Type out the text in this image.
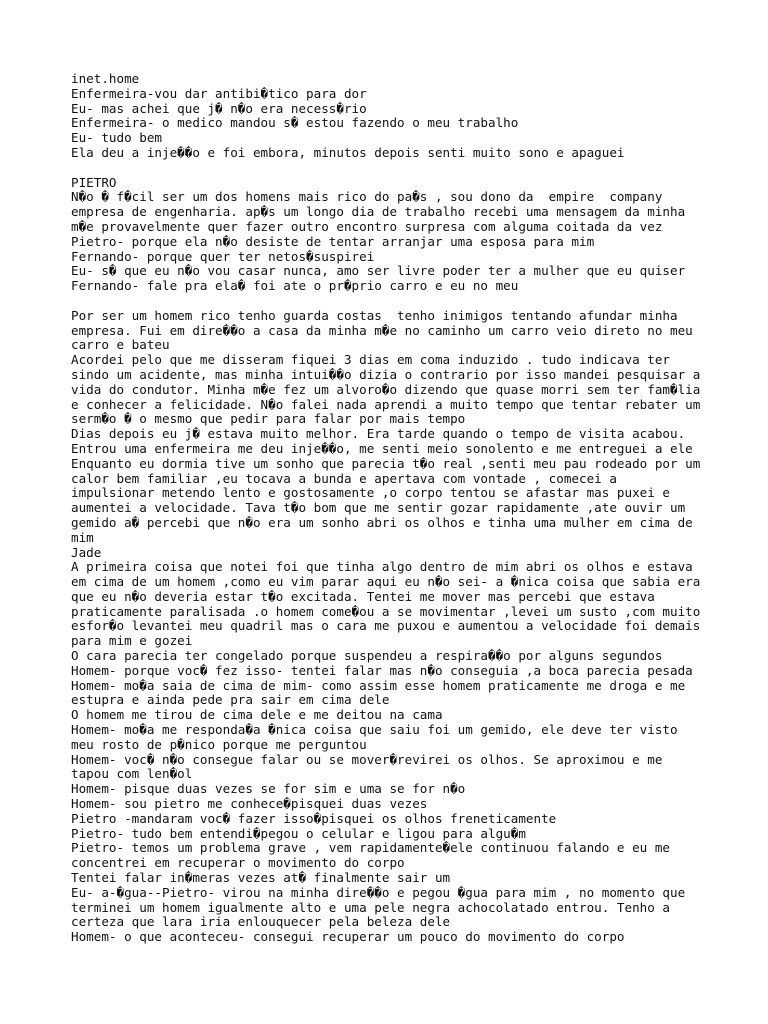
inet.home
Enfermeira-vou dar antibi�tico para dor
Eu- mas achei que j� n�o era necess�rio
Enfermeira- o medico mandou s� estou fazendo o meu trabalho
Eu- tudo bem
Ela deu a inje��o e foi embora, minutos depois senti muito sono e apaguei
PIETRO
N�o � f�cil ser um dos homens mais rico do pa�s , sou dono da  empire  company
empresa de engenharia. ap�s um longo dia de trabalho recebi uma mensagem da minha
m�e provavelmente quer fazer outro encontro surpresa com alguma coitada da vez
Pietro- porque ela n�o desiste de tentar arranjar uma esposa para mim
Fernando- porque quer ter netos�suspirei
Eu- s� que eu n�o vou casar nunca, amo ser livre poder ter a mulher que eu quiser
Fernando- fale pra ela� foi ate o pr�prio carro e eu no meu
Por ser um homem rico tenho guarda costas  tenho inimigos tentando afundar minha
empresa. Fui em dire��o a casa da minha m�e no caminho um carro veio direto no meu
carro e bateu
Acordei pelo que me disseram fiquei 3 dias em coma induzido . tudo indicava ter
sindo um acidente, mas minha intui��o dizia o contrario por isso mandei pesquisar a
vida do condutor. Minha m�e fez um alvoro�o dizendo que quase morri sem ter fam�lia
e conhecer a felicidade. N�o falei nada aprendi a muito tempo que tentar rebater um
serm�o � o mesmo que pedir para falar por mais tempo
Dias depois eu j� estava muito melhor. Era tarde quando o tempo de visita acabou.
Entrou uma enfermeira me deu inje��o, me senti meio sonolento e me entreguei a ele
Enquanto eu dormia tive um sonho que parecia t�o real ,senti meu pau rodeado por um
calor bem familiar ,eu tocava a bunda e apertava com vontade , comecei a
impulsionar metendo lento e gostosamente ,o corpo tentou se afastar mas puxei e
aumentei a velocidade. Tava t�o bom que me sentir gozar rapidamente ,ate ouvir um
gemido a� percebi que n�o era um sonho abri os olhos e tinha uma mulher em cima de
mim
Jade
A primeira coisa que notei foi que tinha algo dentro de mim abri os olhos e estava
em cima de um homem ,como eu vim parar aqui eu n�o sei- a �nica coisa que sabia era
que eu n�o deveria estar t�o excitada. Tentei me mover mas percebi que estava
praticamente paralisada .o homem come�ou a se movimentar ,levei um susto ,com muito
esfor�o levantei meu quadril mas o cara me puxou e aumentou a velocidade foi demais
para mim e gozei
O cara parecia ter congelado porque suspendeu a respira��o por alguns segundos
Homem- porque voc� fez isso- tentei falar mas n�o conseguia ,a boca parecia pesada
Homem- mo�a saia de cima de mim- como assim esse homem praticamente me droga e me
estupra e ainda pede pra sair em cima dele
O homem me tirou de cima dele e me deitou na cama
Homem- mo�a me responda�a �nica coisa que saiu foi um gemido, ele deve ter visto
meu rosto de p�nico porque me perguntou
Homem- voc� n�o consegue falar ou se mover�revirei os olhos. Se aproximou e me
tapou com len�ol
Homem- pisque duas vezes se for sim e uma se for n�o
Homem- sou pietro me conhece�pisquei duas vezes
Pietro -mandaram voc� fazer isso�pisquei os olhos freneticamente
Pietro- tudo bem entendi�pegou o celular e ligou para algu�m
Pietro- temos um problema grave , vem rapidamente�ele continuou falando e eu me
concentrei em recuperar o movimento do corpo
Tentei falar in�meras vezes at� finalmente sair um
Eu- a-�gua--Pietro- virou na minha dire��o e pegou �gua para mim , no momento que
terminei um homem igualmente alto e uma pele negra achocolatado entrou. Tenho a
certeza que lara iria enlouquecer pela beleza dele
Homem- o que aconteceu- consegui recuperar um pouco do movimento do corpo
